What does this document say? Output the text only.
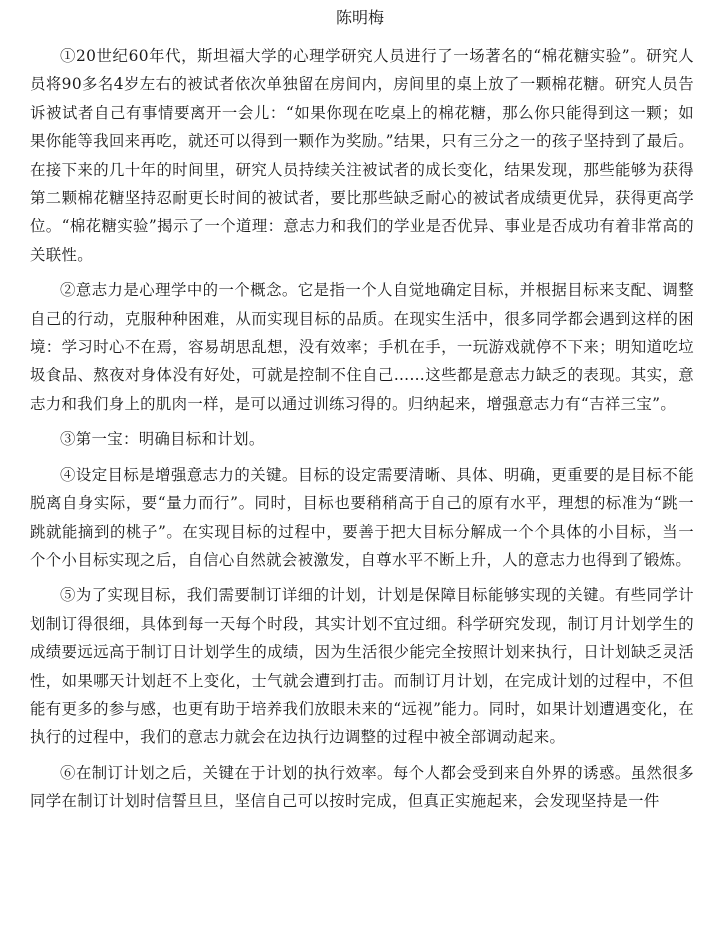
陈明梅

①20世纪60年代，斯坦福大学的心理学研究人员进行了一场著名的“棉花糖实验”。研究人员将90多名4岁左右的被试者依次单独留在房间内，房间里的桌上放了一颗棉花糖。研究人员告诉被试者自己有事情要离开一会儿：“如果你现在吃桌上的棉花糖，那么你只能得到这一颗；如果你能等我回来再吃，就还可以得到一颗作为奖励。”结果，只有三分之一的孩子坚持到了最后。在接下来的几十年的时间里，研究人员持续关注被试者的成长变化，结果发现，那些能够为获得第二颗棉花糖坚持忍耐更长时间的被试者，要比那些缺乏耐心的被试者成绩更优异，获得更高学位。“棉花糖实验”揭示了一个道理：意志力和我们的学业是否优异、事业是否成功有着非常高的关联性。

②意志力是心理学中的一个概念。它是指一个人自觉地确定目标，并根据目标来支配、调整自己的行动，克服种种困难，从而实现目标的品质。在现实生活中，很多同学都会遇到这样的困境：学习时心不在焉，容易胡思乱想，没有效率；手机在手，一玩游戏就停不下来；明知道吃垃圾食品、熬夜对身体没有好处，可就是控制不住自己……这些都是意志力缺乏的表现。其实，意志力和我们身上的肌肉一样，是可以通过训练习得的。归纳起来，增强意志力有“吉祥三宝”。

③第一宝：明确目标和计划。

④设定目标是增强意志力的关键。目标的设定需要清晰、具体、明确，更重要的是目标不能脱离自身实际，要“量力而行”。同时，目标也要稍稍高于自己的原有水平，理想的标准为“跳一跳就能摘到的桃子”。在实现目标的过程中，要善于把大目标分解成一个个具体的小目标，当一个个小目标实现之后，自信心自然就会被激发，自尊水平不断上升，人的意志力也得到了锻炼。

⑤为了实现目标，我们需要制订详细的计划，计划是保障目标能够实现的关键。有些同学计划制订得很细，具体到每一天每个时段，其实计划不宜过细。科学研究发现，制订月计划学生的成绩要远远高于制订日计划学生的成绩，因为生活很少能完全按照计划来执行，日计划缺乏灵活性，如果哪天计划赶不上变化，士气就会遭到打击。而制订月计划，在完成计划的过程中，不但能有更多的参与感，也更有助于培养我们放眼未来的“远视”能力。同时，如果计划遭遇变化，在执行的过程中，我们的意志力就会在边执行边调整的过程中被全部调动起来。

⑥在制订计划之后，关键在于计划的执行效率。每个人都会受到来自外界的诱惑。虽然很多同学在制订计划时信誓旦旦，坚信自己可以按时完成，但真正实施起来，会发现坚持是一件
